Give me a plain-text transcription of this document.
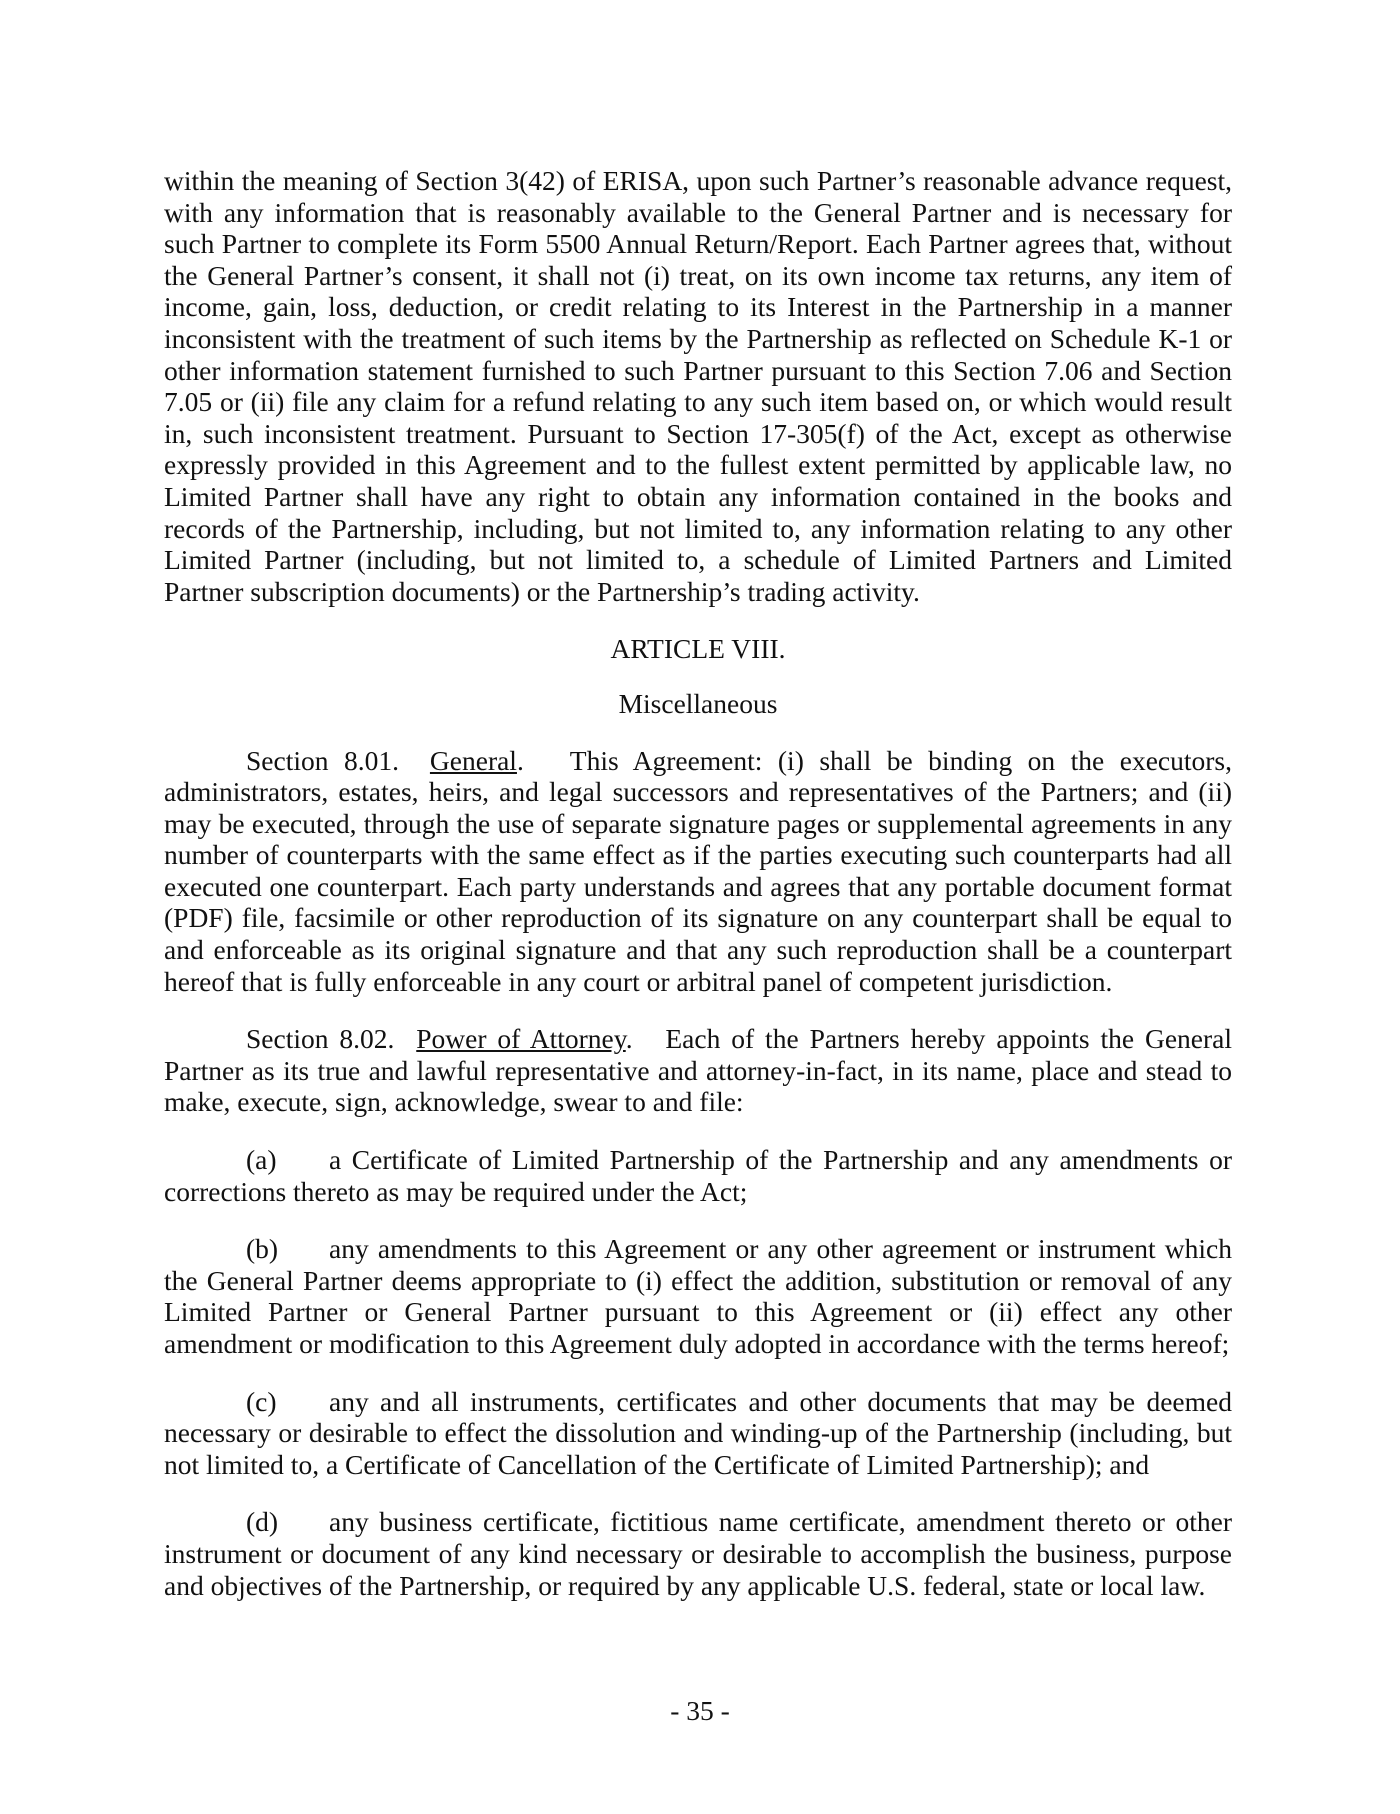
within the meaning of Section 3(42) of ERISA, upon such Partner’s reasonable advance request, with any information that is reasonably available to the General Partner and is necessary for such Partner to complete its Form 5500 Annual Return/Report. Each Partner agrees that, without the General Partner’s consent, it shall not (i) treat, on its own income tax returns, any item of income, gain, loss, deduction, or credit relating to its Interest in the Partnership in a manner inconsistent with the treatment of such items by the Partnership as reflected on Schedule K-1 or other information statement furnished to such Partner pursuant to this Section 7.06 and Section 7.05 or (ii) file any claim for a refund relating to any such item based on, or which would result in, such inconsistent treatment. Pursuant to Section 17-305(f) of the Act, except as otherwise expressly provided in this Agreement and to the fullest extent permitted by applicable law, no Limited Partner shall have any right to obtain any information contained in the books and records of the Partnership, including, but not limited to, any information relating to any other Limited Partner (including, but not limited to, a schedule of Limited Partners and Limited Partner subscription documents) or the Partnership’s trading activity.

ARTICLE VIII.

Miscellaneous

Section 8.01. General.   This Agreement: (i) shall be binding on the executors, administrators, estates, heirs, and legal successors and representatives of the Partners; and (ii) may be executed, through the use of separate signature pages or supplemental agreements in any number of counterparts with the same effect as if the parties executing such counterparts had all executed one counterpart. Each party understands and agrees that any portable document format (PDF) file, facsimile or other reproduction of its signature on any counterpart shall be equal to and enforceable as its original signature and that any such reproduction shall be a counterpart hereof that is fully enforceable in any court or arbitral panel of competent jurisdiction.

Section 8.02. Power of Attorney.   Each of the Partners hereby appoints the General Partner as its true and lawful representative and attorney-in-fact, in its name, place and stead to make, execute, sign, acknowledge, swear to and file:

(a) a Certificate of Limited Partnership of the Partnership and any amendments or corrections thereto as may be required under the Act;

(b) any amendments to this Agreement or any other agreement or instrument which the General Partner deems appropriate to (i) effect the addition, substitution or removal of any Limited Partner or General Partner pursuant to this Agreement or (ii) effect any other amendment or modification to this Agreement duly adopted in accordance with the terms hereof;

(c) any and all instruments, certificates and other documents that may be deemed necessary or desirable to effect the dissolution and winding-up of the Partnership (including, but not limited to, a Certificate of Cancellation of the Certificate of Limited Partnership); and

(d) any business certificate, fictitious name certificate, amendment thereto or other instrument or document of any kind necessary or desirable to accomplish the business, purpose and objectives of the Partnership, or required by any applicable U.S. federal, state or local law.

- 35 -
